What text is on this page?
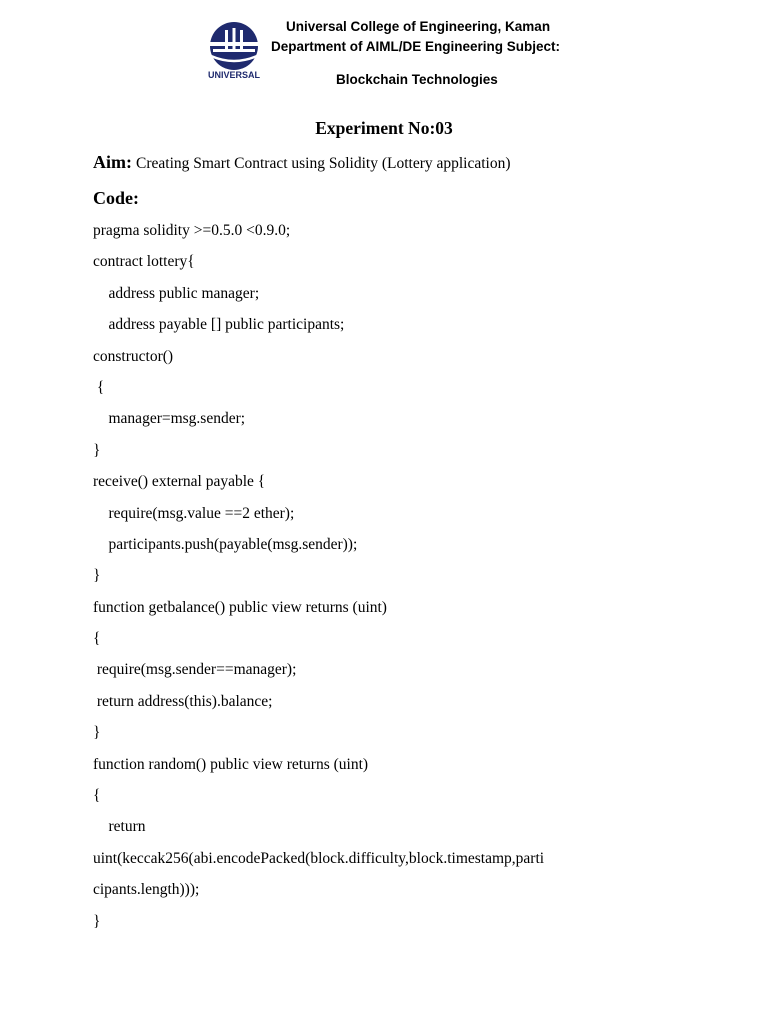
UNIVERSAL
Universal College of Engineering, Kaman
Department of AIML/DE Engineering Subject:
Blockchain Technologies
Experiment No:03
Aim: Creating Smart Contract using Solidity (Lottery application)
Code:
pragma solidity >=0.5.0 <0.9.0;
contract lottery{
address public manager;
address payable [] public participants;
constructor()
{
manager=msg.sender;
}
receive() external payable {
require(msg.value ==2 ether);
participants.push(payable(msg.sender));
}
function getbalance() public view returns (uint)
{
require(msg.sender==manager);
return address(this).balance;
}
function random() public view returns (uint)
{
return
uint(keccak256(abi.encodePacked(block.difficulty,block.timestamp,parti
cipants.length)));
}
